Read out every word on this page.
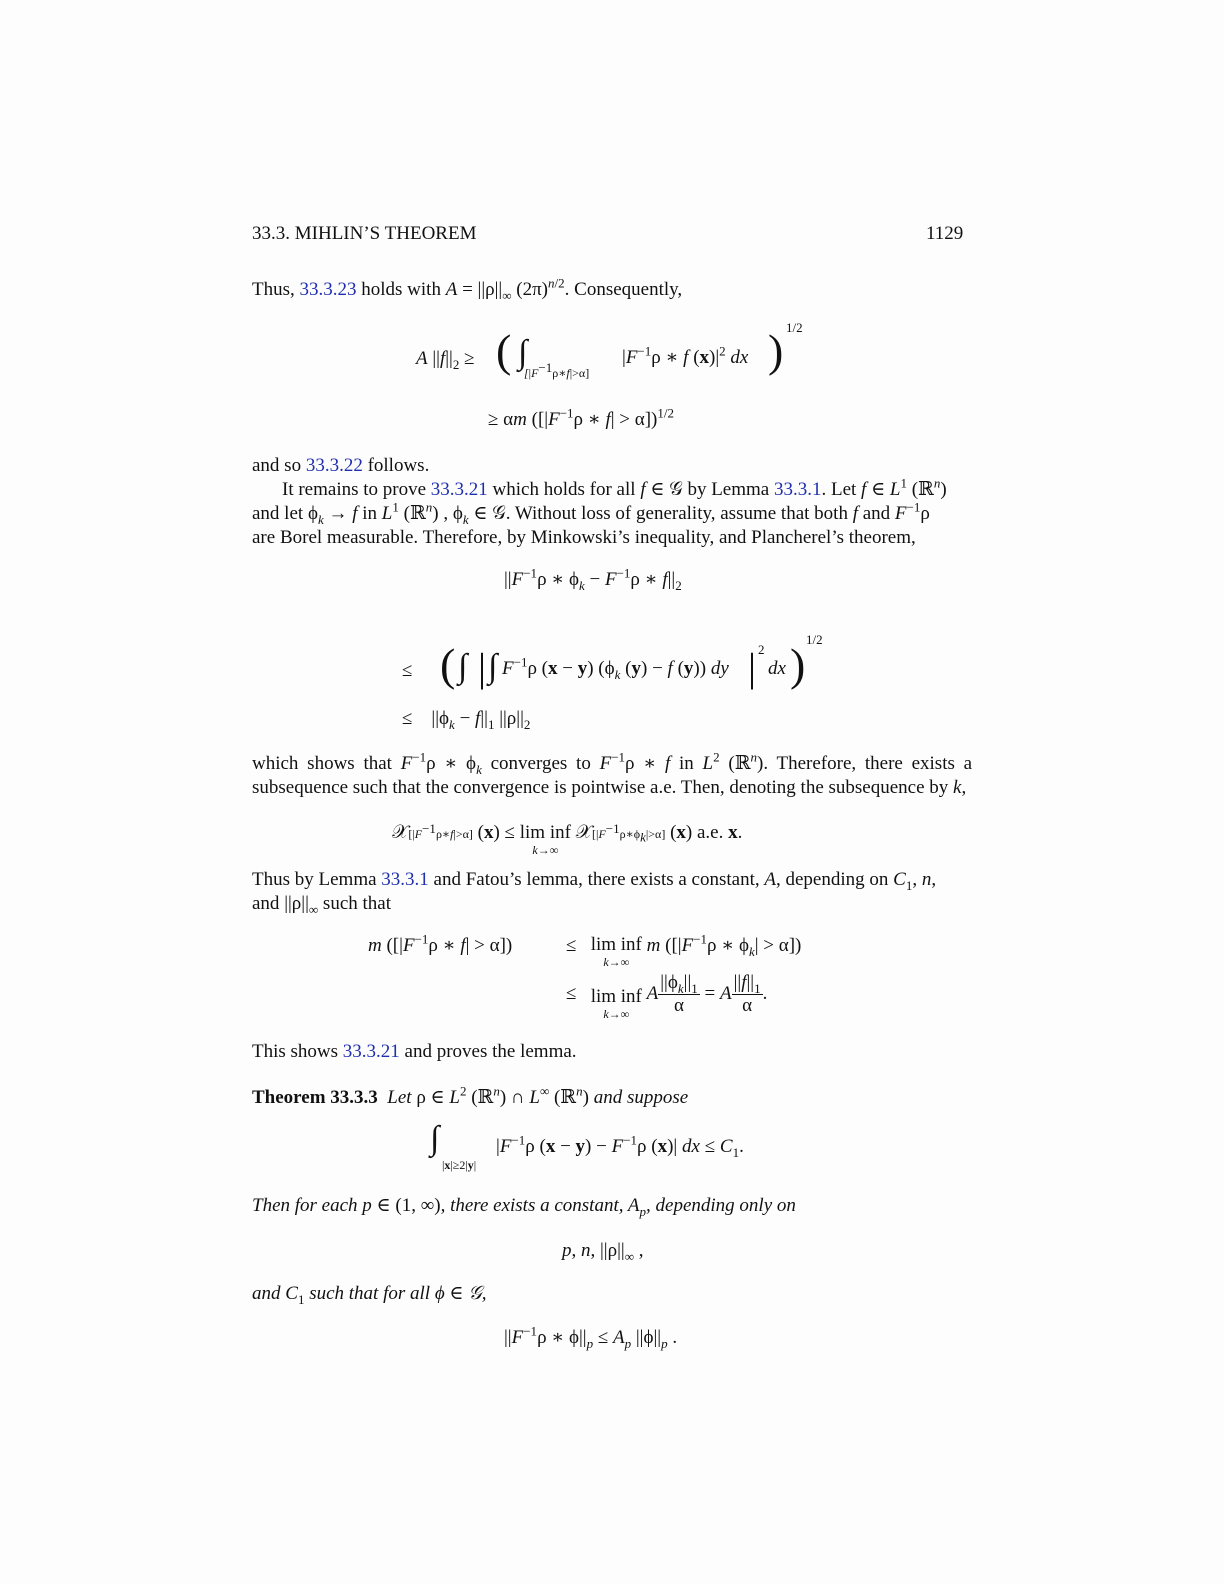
33.3. MIHLIN’S THEOREM	1129
Thus, 33.3.23 holds with $A = ||\rho||_\infty$ $(2\pi)^{n/2}$. Consequently,
A $||f||_2$ ≥ ( ∫
$[|F^{-1}\rho∗f|>\alpha]$
$|F^{-1}\rho$ ∗ f $(x)|^2$ dx ) 1/2
≥ αm ([$|F^{-1}\rho$ ∗ f| > α])$^{1/2}$
and so 33.3.22 follows.
It remains to prove 33.3.21 which holds for all f ∈ 𝒢 by Lemma 33.3.1. Let f ∈ $L^1$ (ℝ$^n$)
and let $\phi_k \to f$ in $L^1$ (ℝ$^n$) , $\phi_k$ ∈ 𝒢. Without loss of generality, assume that both f and $F^{-1}\rho$
are Borel measurable. Therefore, by Minkowski’s inequality, and Plancherel’s theorem,
$||F^{-1}\rho$ ∗ $\phi_k - F^{-1}\rho$ ∗ $f||_2$
≤ ( ∫ | ∫ $F^{-1}\rho$ (x − y) ($\phi_k$ (y) − f (y)) dy | 2
dx ) 1/2
≤    $||\phi_k - f||_1$ $||\rho||_2$
which shows that $F^{-1}\rho$ ∗ $\phi_k$ converges to $F^{-1}\rho$ ∗ f in $L^2$ (ℝ$^n$). Therefore, there exists a subsequence such that the convergence is pointwise a.e. Then, denoting the subsequence by k,
$𝒳[|F^{-1}\rho∗f|>\alpha] (x) \le \lim$ inf
k→∞
$𝒳[|F^{-1}\rho∗\phi_k|>\alpha]$ (x) a.e. x.
Thus by Lemma 33.3.1 and Fatou’s lemma, there exists a constant, A, depending on $C_1$, n,
and $||\rho||_\infty$ such that
m ([$|F^{-1}\rho$ ∗ f| > α])	≤   lim inf
k→∞
m ([$|F^{-1}\rho$ ∗ $\phi_k| > \alpha$])
≤   lim inf
k→∞
A $\frac{||\phi_k||_1}{\alpha} = A \frac{||f||_1}{\alpha}$ .
This shows 33.3.21 and proves the lemma.
Theorem 33.3.3 Let ρ ∈ $L^2$ (ℝ$^n$) ∩ L∞ (ℝ$^n$) and suppose
∫
|x|≥2|y|
$|F^{-1}\rho$ $(x - y) - F^{-1}\rho$ (x)| dx ≤ $C_1$.
Then for each p ∈ (1, ∞), there exists a constant, $A_p$, depending only on
p, n, $||\rho||_\infty$ ,
and $C_1$ such that for all ϕ ∈ 𝒢,
$||F^{-1}\rho$ ∗ $\phi||_p \le A_p$ $||\phi||_p$ .
